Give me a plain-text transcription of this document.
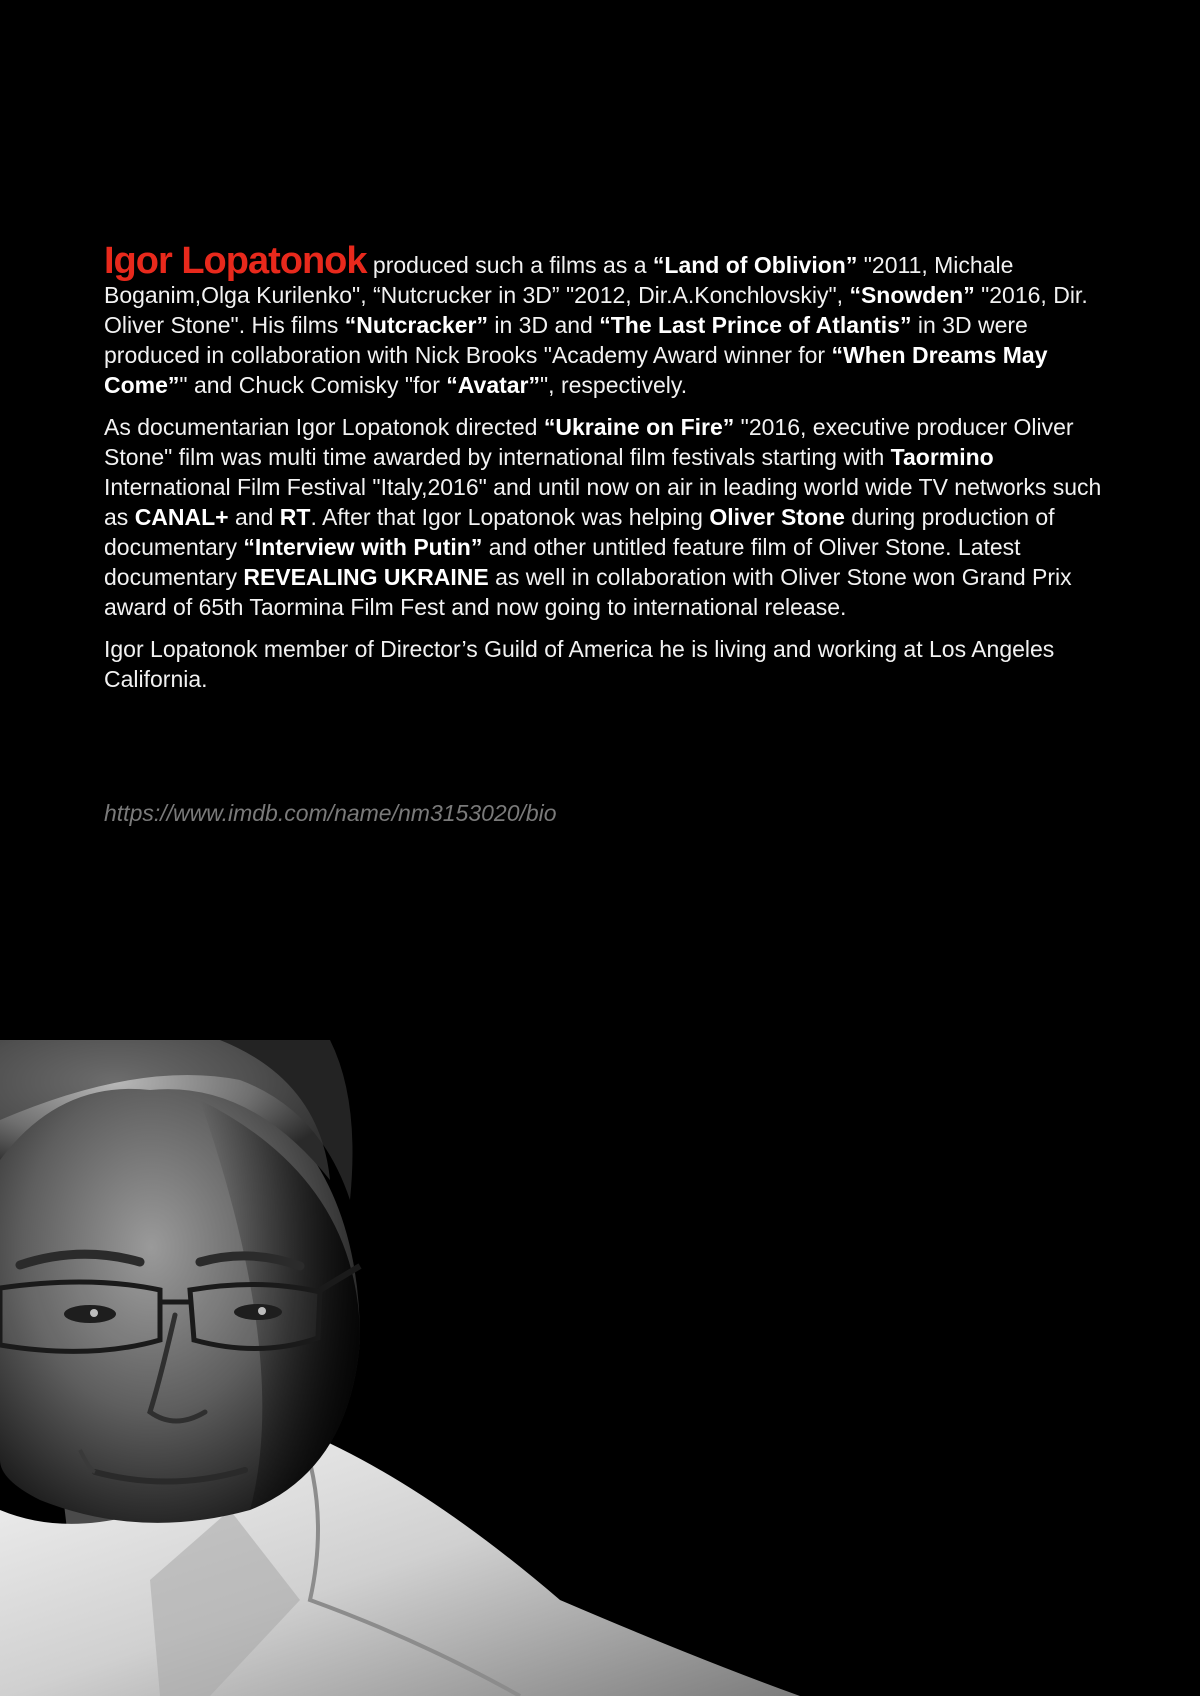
Igor Lopatonok produced such a films as a “Land of Oblivion” "2011, Michale Boganim,Olga Kurilenko", “Nutcrucker in 3D” "2012, Dir.A.Konchlovskiy", “Snowden” "2016, Dir. Oliver Stone". His films “Nutcracker” in 3D and “The Last Prince of Atlantis” in 3D were produced in collaboration with Nick Brooks "Academy Award winner for “When Dreams May Come”" and Chuck Comisky "for “Avatar”", respectively.

As documentarian Igor Lopatonok directed “Ukraine on Fire” "2016, executive producer Oliver Stone" film was multi time awarded by international film festivals starting with Taormino International Film Festival "Italy,2016" and until now on air in leading world wide TV networks such as CANAL+ and RT. After that Igor Lopatonok was helping Oliver Stone during production of documentary “Interview with Putin” and other untitled feature film of Oliver Stone. Latest documentary REVEALING UKRAINE as well in collaboration with Oliver Stone won Grand Prix award of 65th Taormina Film Fest and now going to international release.

Igor Lopatonok member of Director’s Guild of America he is living and working at Los Angeles California.

https://www.imdb.com/name/nm3153020/bio
